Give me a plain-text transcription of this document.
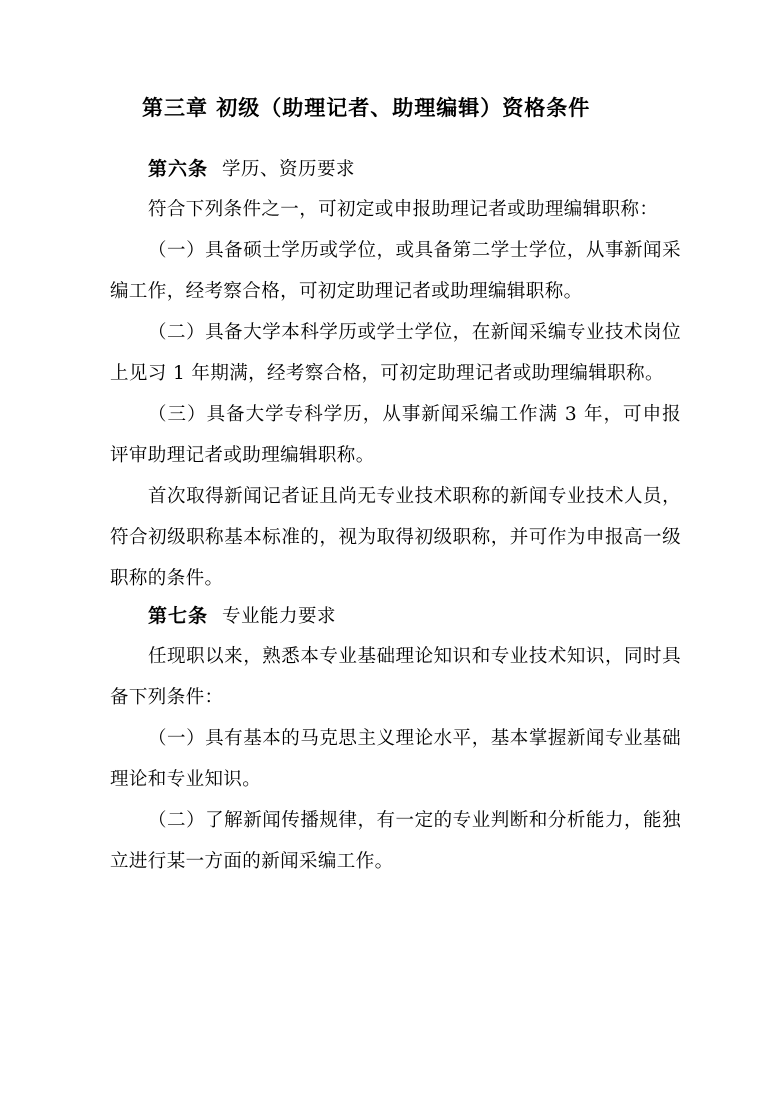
第三章 初级（助理记者、助理编辑）资格条件

第六条 学历、资历要求

符合下列条件之一，可初定或申报助理记者或助理编辑职称：

（一）具备硕士学历或学位，或具备第二学士学位，从事新闻采编工作，经考察合格，可初定助理记者或助理编辑职称。

（二）具备大学本科学历或学士学位，在新闻采编专业技术岗位上见习 1 年期满，经考察合格，可初定助理记者或助理编辑职称。

（三）具备大学专科学历，从事新闻采编工作满 3 年，可申报评审助理记者或助理编辑职称。

首次取得新闻记者证且尚无专业技术职称的新闻专业技术人员，符合初级职称基本标准的，视为取得初级职称，并可作为申报高一级职称的条件。

第七条 专业能力要求

任现职以来，熟悉本专业基础理论知识和专业技术知识，同时具备下列条件：

（一）具有基本的马克思主义理论水平，基本掌握新闻专业基础理论和专业知识。

（二）了解新闻传播规律，有一定的专业判断和分析能力，能独立进行某一方面的新闻采编工作。
